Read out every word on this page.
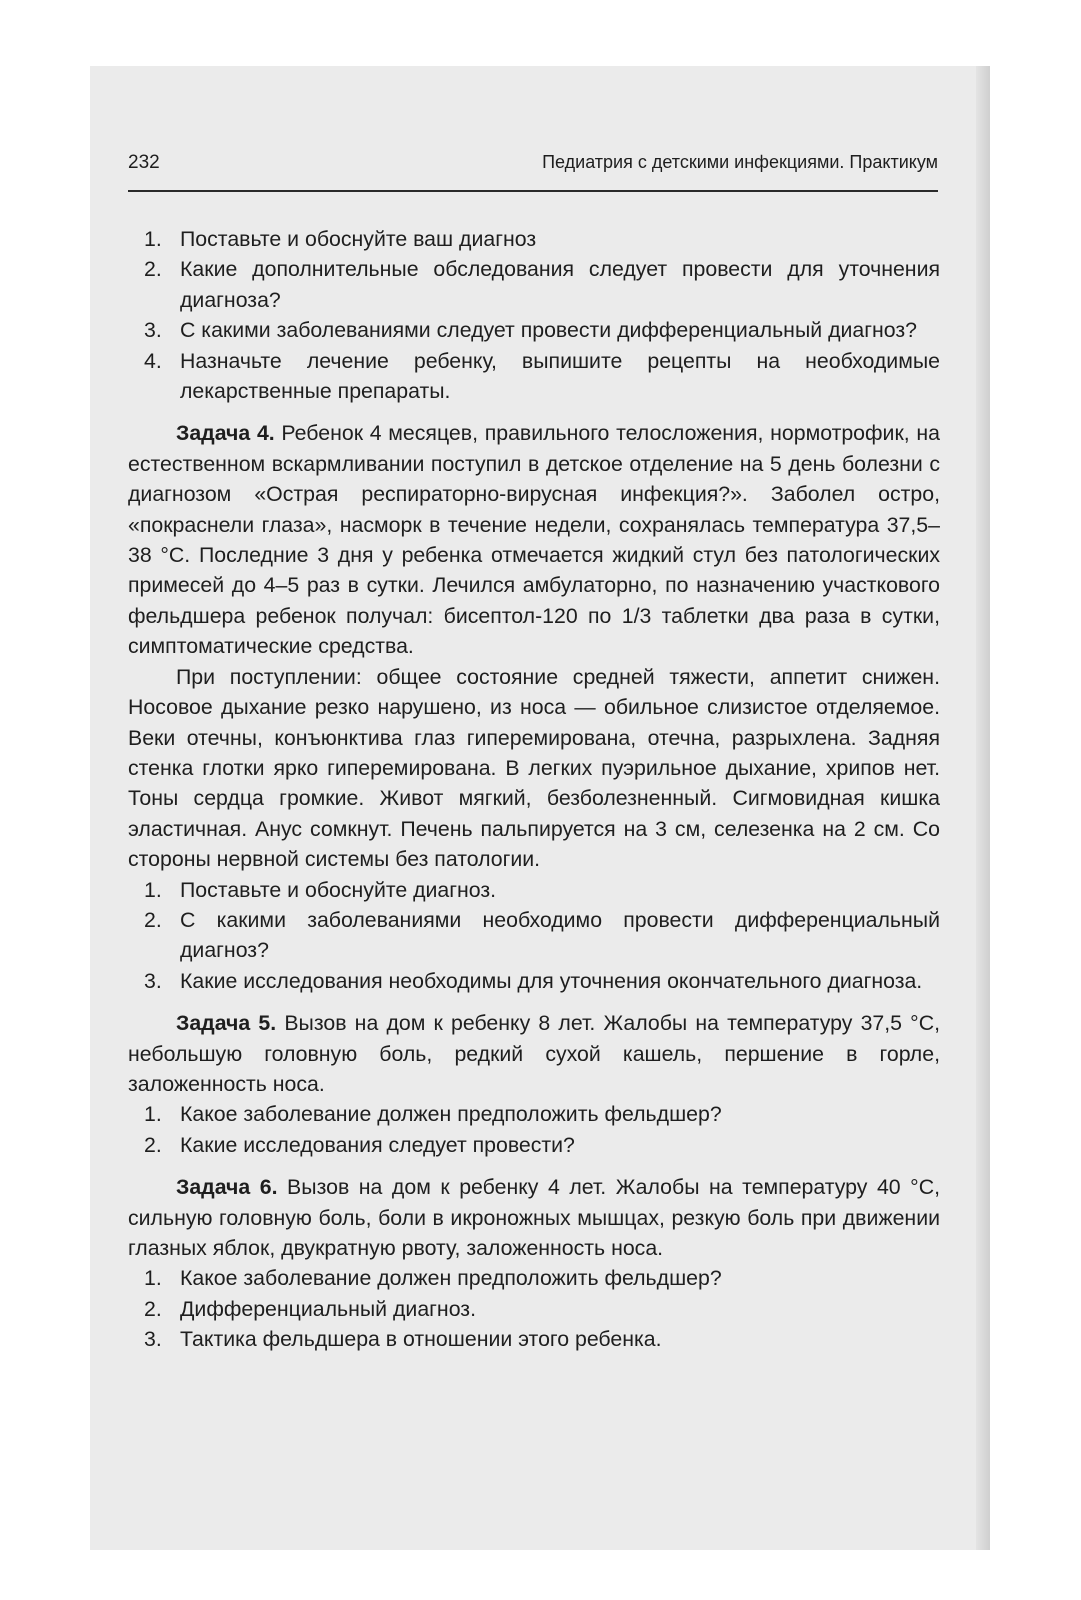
232	Педиатрия с детскими инфекциями. Практикум
1. Поставьте и обоснуйте ваш диагноз
2. Какие дополнительные обследования следует провести для уточнения диагноза?
3. С какими заболеваниями следует провести дифференциальный диагноз?
4. Назначьте лечение ребенку, выпишите рецепты на необходимые лекарственные препараты.

Задача 4. Ребенок 4 месяцев, правильного телосложения, нормотрофик, на естественном вскармливании поступил в детское отделение на 5 день болезни с диагнозом «Острая респираторно-вирусная инфекция?». Заболел остро, «покраснели глаза», насморк в течение недели, сохранялась температура 37,5–38 °С. Последние 3 дня у ребенка отмечается жидкий стул без патологических примесей до 4–5 раз в сутки. Лечился амбулаторно, по назначению участкового фельдшера ребенок получал: бисептол-120 по 1/3 таблетки два раза в сутки, симптоматические средства.

При поступлении: общее состояние средней тяжести, аппетит снижен. Носовое дыхание резко нарушено, из носа — обильное слизистое отделяемое. Веки отечны, конъюнктива глаз гиперемирована, отечна, разрыхлена. Задняя стенка глотки ярко гиперемирована. В легких пуэрильное дыхание, хрипов нет. Тоны сердца громкие. Живот мягкий, безболезненный. Сигмовидная кишка эластичная. Анус сомкнут. Печень пальпируется на 3 см, селезенка на 2 см. Со стороны нервной системы без патологии.

1. Поставьте и обоснуйте диагноз.
2. С какими заболеваниями необходимо провести дифференциальный диагноз?
3. Какие исследования необходимы для уточнения окончательного диагноза.

Задача 5. Вызов на дом к ребенку 8 лет. Жалобы на температуру 37,5 °С, небольшую головную боль, редкий сухой кашель, першение в горле, заложенность носа.

1. Какое заболевание должен предположить фельдшер?
2. Какие исследования следует провести?

Задача 6. Вызов на дом к ребенку 4 лет. Жалобы на температуру 40 °С, сильную головную боль, боли в икроножных мышцах, резкую боль при движении глазных яблок, двукратную рвоту, заложенность носа.

1. Какое заболевание должен предположить фельдшер?
2. Дифференциальный диагноз.
3. Тактика фельдшера в отношении этого ребенка.
